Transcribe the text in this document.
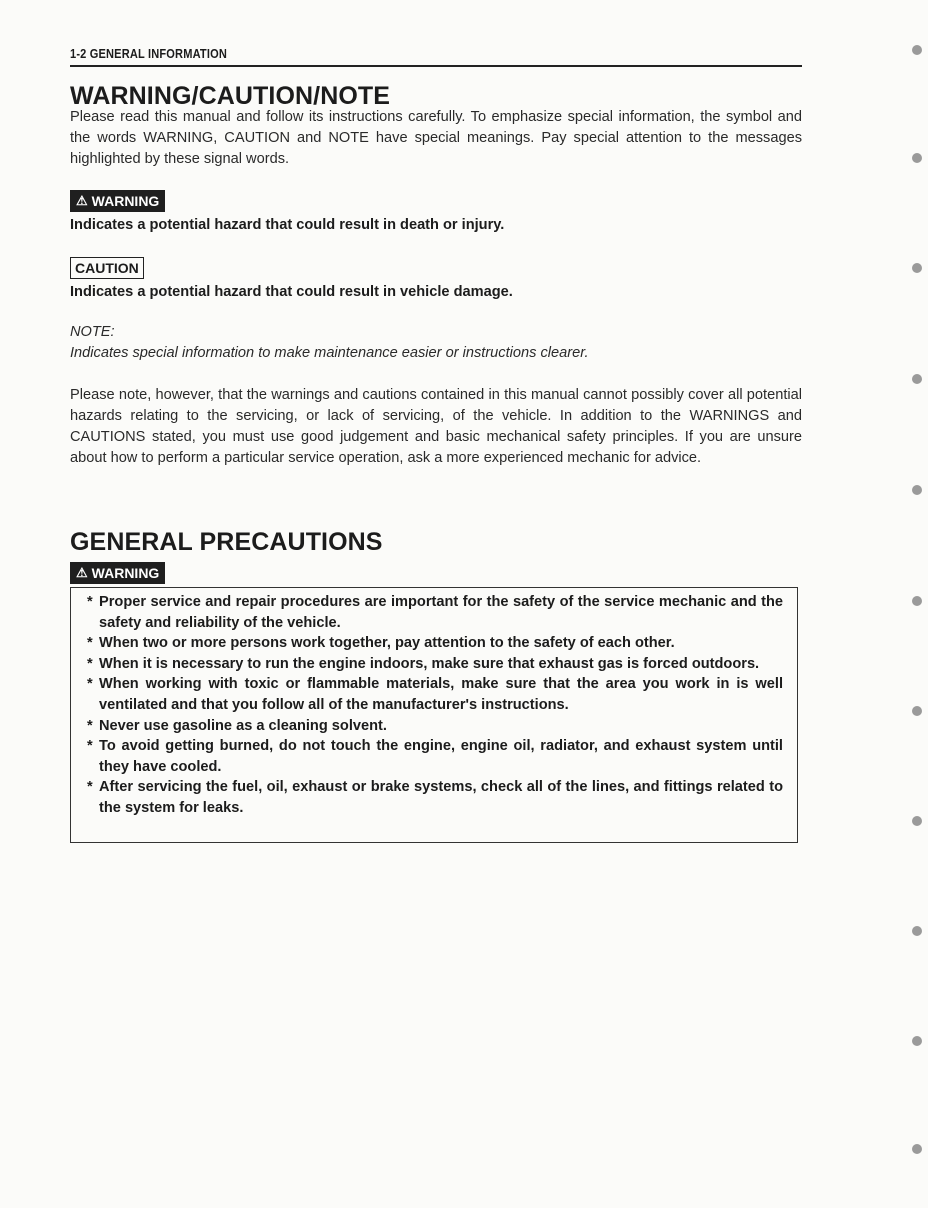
1-2 GENERAL INFORMATION
WARNING/CAUTION/NOTE

Please read this manual and follow its instructions carefully. To emphasize special information, the symbol and the words WARNING, CAUTION and NOTE have special meanings. Pay special attention to the messages highlighted by these signal words.

⚠ WARNING

Indicates a potential hazard that could result in death or injury.

CAUTION

Indicates a potential hazard that could result in vehicle damage.

NOTE:

Indicates special information to make maintenance easier or instructions clearer.

Please note, however, that the warnings and cautions contained in this manual cannot possibly cover all potential hazards relating to the servicing, or lack of servicing, of the vehicle. In addition to the WARNINGS and CAUTIONS stated, you must use good judgement and basic mechanical safety principles. If you are unsure about how to perform a particular service operation, ask a more experienced mechanic for advice.

GENERAL PRECAUTIONS
⚠ WARNING
* Proper service and repair procedures are important for the safety of the service mechanic and the safety and reliability of the vehicle.
* When two or more persons work together, pay attention to the safety of each other.
* When it is necessary to run the engine indoors, make sure that exhaust gas is forced outdoors.
* When working with toxic or flammable materials, make sure that the area you work in is well ventilated and that you follow all of the manufacturer's instructions.
* Never use gasoline as a cleaning solvent.
* To avoid getting burned, do not touch the engine, engine oil, radiator, and exhaust system until they have cooled.
* After servicing the fuel, oil, exhaust or brake systems, check all of the lines, and fittings related to the system for leaks.
